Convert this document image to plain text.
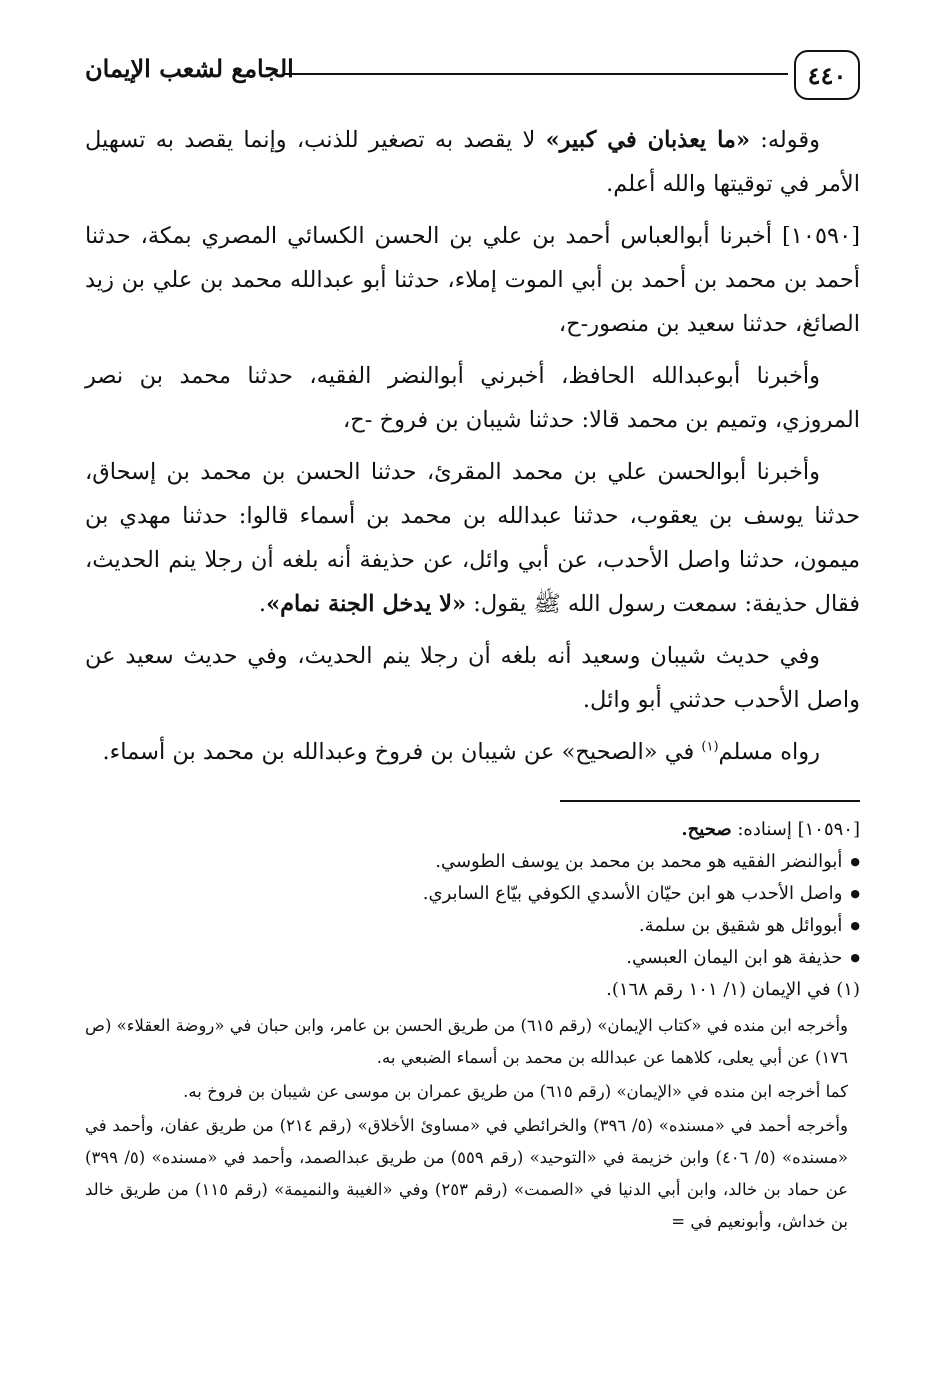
٤٤٠
الجامع لشعب الإيمان

وقوله: «ما يعذبان في كبير» لا يقصد به تصغير للذنب، وإنما يقصد به تسهيل الأمر في توقيتها والله أعلم.

[١٠٥٩٠] أخبرنا أبوالعباس أحمد بن علي بن الحسن الكسائي المصري بمكة، حدثنا أحمد بن محمد بن أحمد بن أبي الموت إملاء، حدثنا أبو عبدالله محمد بن علي بن زيد الصائغ، حدثنا سعيد بن منصور-ح،

وأخبرنا أبوعبدالله الحافظ، أخبرني أبوالنضر الفقيه، حدثنا محمد بن نصر المروزي، وتميم بن محمد قالا: حدثنا شيبان بن فروخ -ح،

وأخبرنا أبوالحسن علي بن محمد المقرئ، حدثنا الحسن بن محمد بن إسحاق، حدثنا يوسف بن يعقوب، حدثنا عبدالله بن محمد بن أسماء قالوا: حدثنا مهدي بن ميمون، حدثنا واصل الأحدب، عن أبي وائل، عن حذيفة أنه بلغه أن رجلا ينم الحديث، فقال حذيفة: سمعت رسول الله ﷺ يقول: «لا يدخل الجنة نمام».

وفي حديث شيبان وسعيد أنه بلغه أن رجلا ينم الحديث، وفي حديث سعيد عن واصل الأحدب حدثني أبو وائل.

رواه مسلم$^{(١)}$ في «الصحيح» عن شيبان بن فروخ وعبدالله بن محمد بن أسماء.

[١٠٥٩٠] إسناده: صحيح.

● أبوالنضر الفقيه هو محمد بن محمد بن يوسف الطوسي.
● واصل الأحدب هو ابن حيّان الأسدي الكوفي بيّاع السابري.
● أبووائل هو شقيق بن سلمة.
● حذيفة هو ابن اليمان العبسي.

(١) في الإيمان (١/ ١٠١ رقم ١٦٨).

وأخرجه ابن منده في «كتاب الإيمان» (رقم ٦١٥) من طريق الحسن بن عامر، وابن حبان في «روضة العقلاء» (ص ١٧٦) عن أبي يعلى، كلاهما عن عبدالله بن محمد بن أسماء الضبعي به.

كما أخرجه ابن منده في «الإيمان» (رقم ٦١٥) من طريق عمران بن موسى عن شيبان بن فروخ به.

وأخرجه أحمد في «مسنده» (٥/ ٣٩٦) والخرائطي في «مساوئ الأخلاق» (رقم ٢١٤) من طريق عفان، وأحمد في «مسنده» (٥/ ٤٠٦) وابن خزيمة في «التوحيد» (رقم ٥٥٩) من طريق عبدالصمد، وأحمد في «مسنده» (٥/ ٣٩٩) عن حماد بن خالد، وابن أبي الدنيا في «الصمت» (رقم ٢٥٣) وفي «الغيبة والنميمة» (رقم ١١٥) من طريق خالد بن خداش، وأبونعيم في =
